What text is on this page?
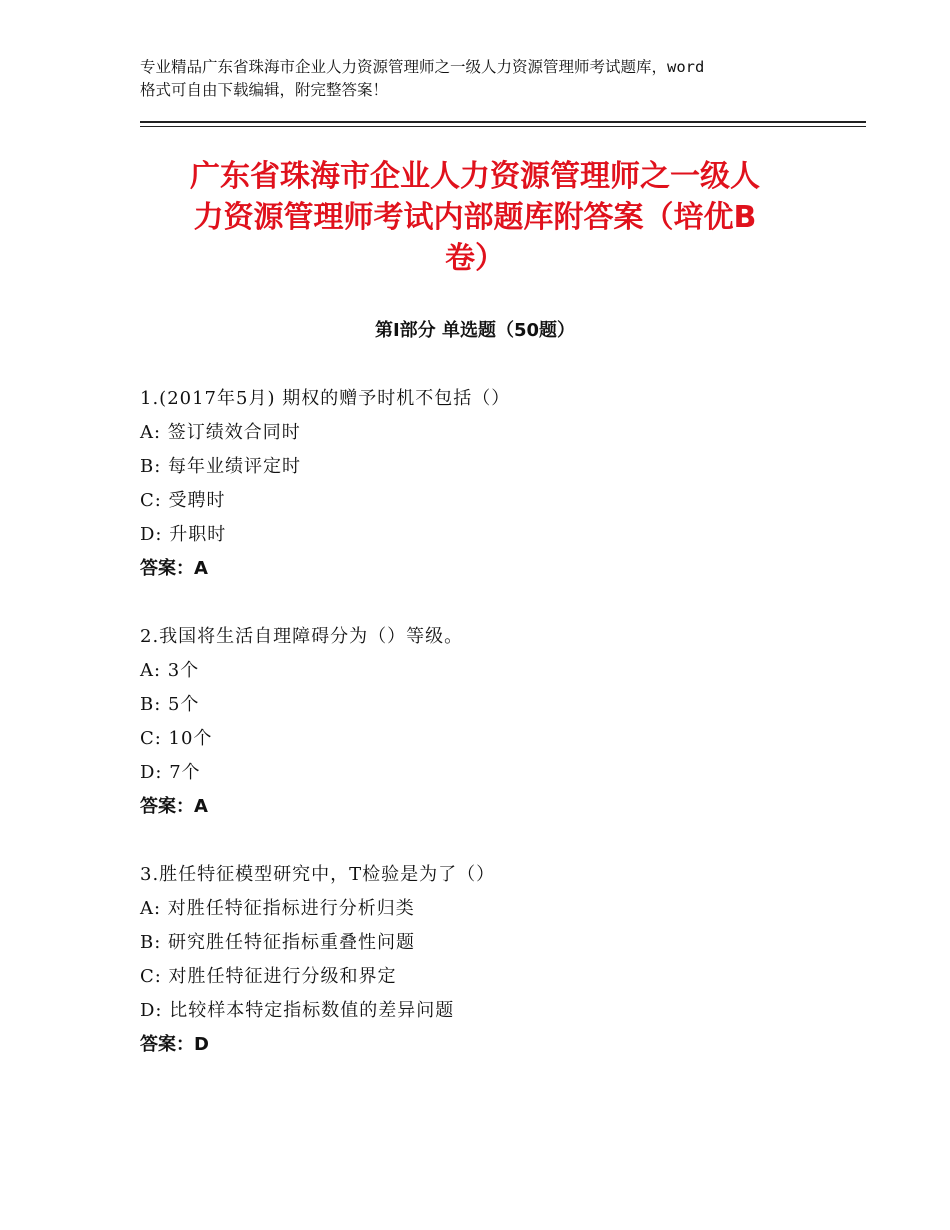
专业精品广东省珠海市企业人力资源管理师之一级人力资源管理师考试题库，word
格式可自由下载编辑，附完整答案！
广东省珠海市企业人力资源管理师之一级人
力资源管理师考试内部题库附答案（培优B
卷）
第Ⅰ部分 单选题（50题）
1.(2017年5月) 期权的赠予时机不包括（）
A: 签订绩效合同时
B: 每年业绩评定时
C: 受聘时
D: 升职时
答案：A
2.我国将生活自理障碍分为（）等级。
A: 3个
B: 5个
C: 10个
D: 7个
答案：A
3.胜任特征模型研究中，T检验是为了（）
A: 对胜任特征指标进行分析归类
B: 研究胜任特征指标重叠性问题
C: 对胜任特征进行分级和界定
D: 比较样本特定指标数值的差异问题
答案：D
